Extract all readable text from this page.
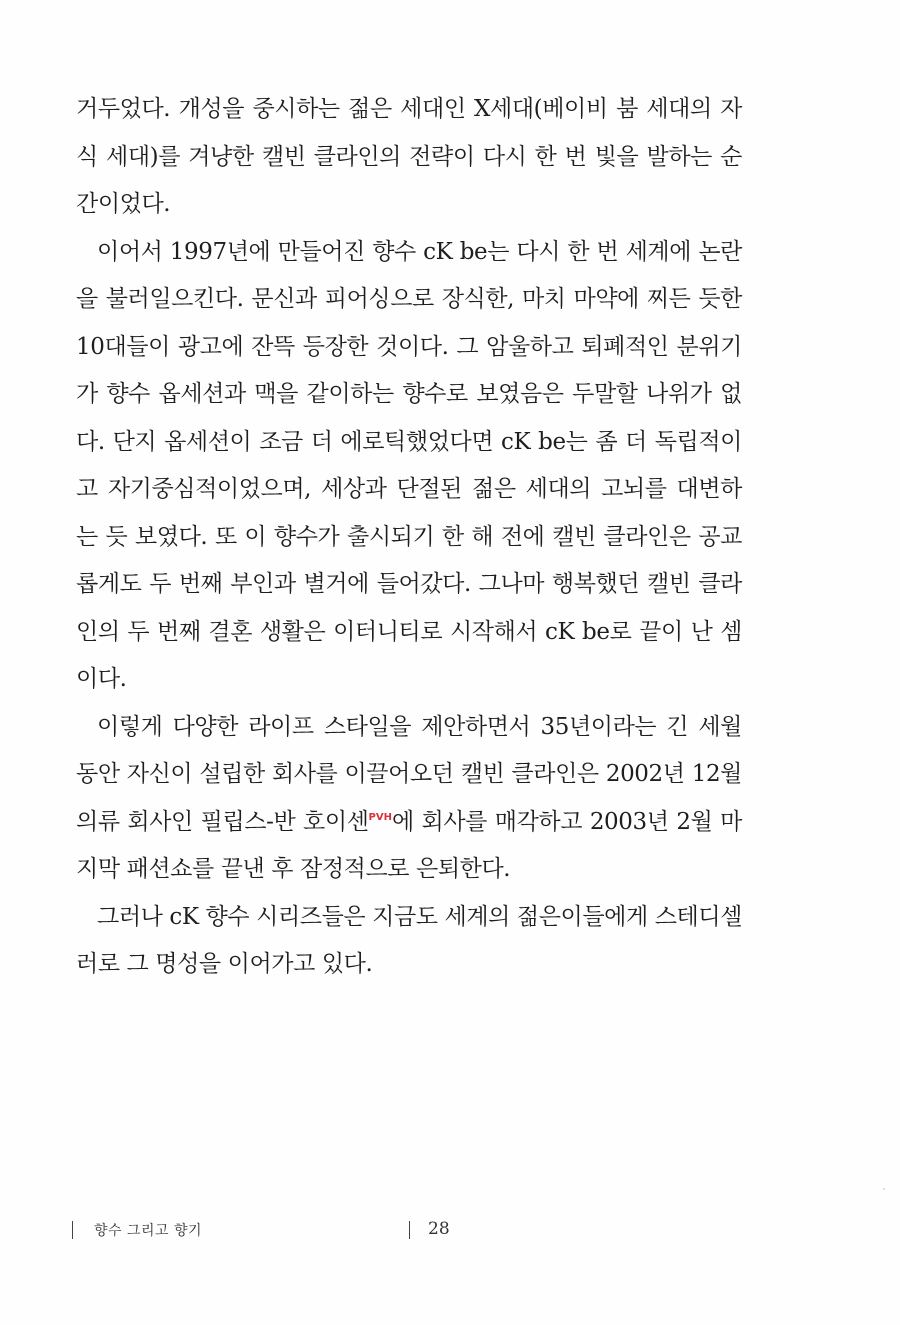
거두었다. 개성을 중시하는 젊은 세대인 X세대(베이비 붐 세대의 자식 세대)를 겨냥한 캘빈 클라인의 전략이 다시 한 번 빛을 발하는 순간이었다.

이어서 1997년에 만들어진 향수 cK be는 다시 한 번 세계에 논란을 불러일으킨다. 문신과 피어싱으로 장식한, 마치 마약에 찌든 듯한 10대들이 광고에 잔뜩 등장한 것이다. 그 암울하고 퇴폐적인 분위기가 향수 옵세션과 맥을 같이하는 향수로 보였음은 두말할 나위가 없다. 단지 옵세션이 조금 더 에로틱했었다면 cK be는 좀 더 독립적이고 자기중심적이었으며, 세상과 단절된 젊은 세대의 고뇌를 대변하는 듯 보였다. 또 이 향수가 출시되기 한 해 전에 캘빈 클라인은 공교롭게도 두 번째 부인과 별거에 들어갔다. 그나마 행복했던 캘빈 클라인의 두 번째 결혼 생활은 이터니티로 시작해서 cK be로 끝이 난 셈이다.

이렇게 다양한 라이프 스타일을 제안하면서 35년이라는 긴 세월 동안 자신이 설립한 회사를 이끌어오던 캘빈 클라인은 2002년 12월 의류 회사인 필립스-반 호이센$^{PVH}$에 회사를 매각하고 2003년 2월 마지막 패션쇼를 끝낸 후 잠정적으로 은퇴한다.

그러나 cK 향수 시리즈들은 지금도 세계의 젊은이들에게 스테디셀러로 그 명성을 이어가고 있다.

향수 그리고 향기	28
